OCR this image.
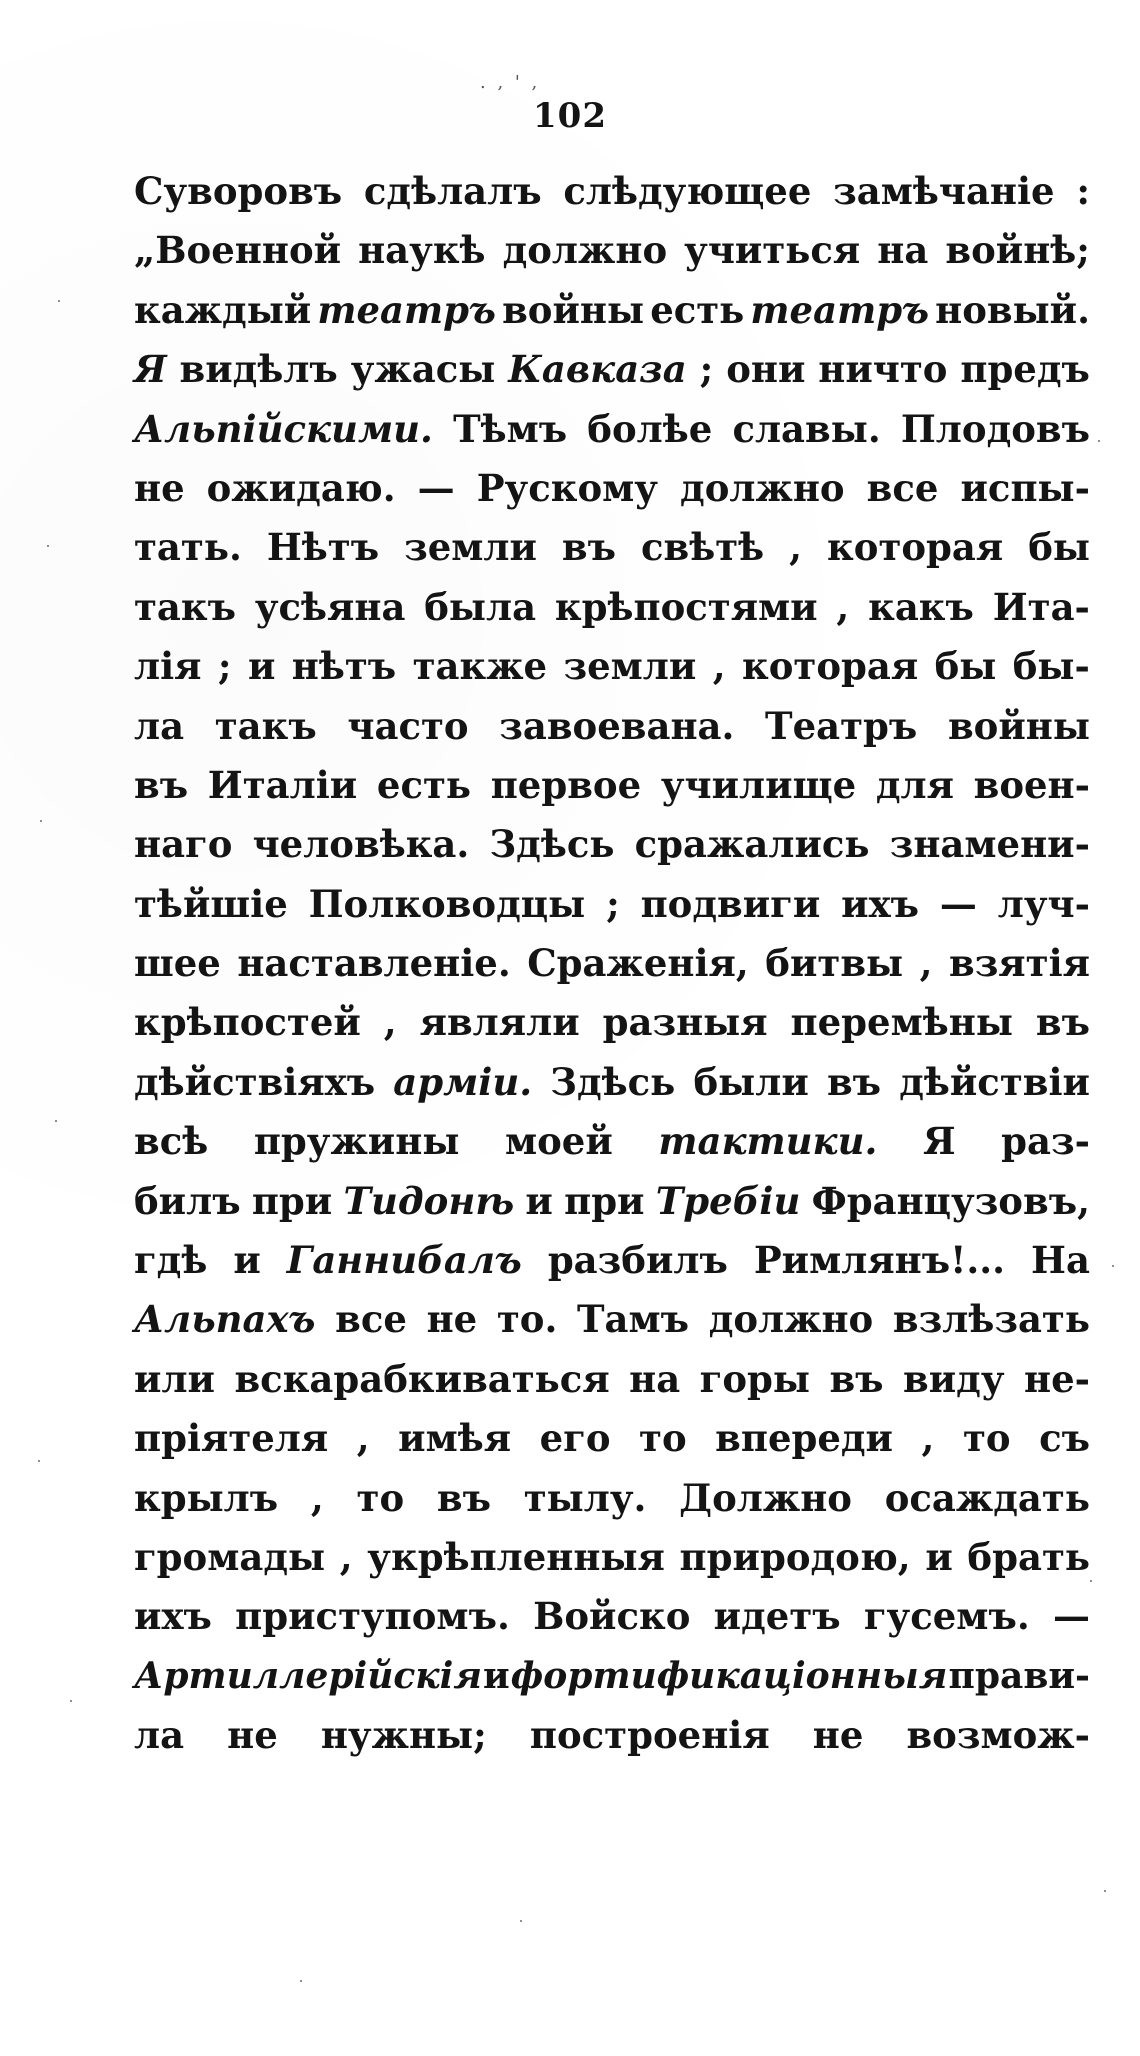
. , ' ,
102
Суворовъ сдѣлалъ слѣдующее замѣчаніе :
„Военной наукѣ должно учиться на войнѣ;
каждый театръ войны есть театръ новый.
Я видѣлъ ужасы Кавказа ; они ничто предъ
Альпійскими. Тѣмъ болѣе славы. Плодовъ
не ожидаю. — Рускому должно все испы-
тать. Нѣтъ земли въ свѣтѣ , которая бы
такъ усѣяна была крѣпостями , какъ Ита-
лія ; и нѣтъ также земли , которая бы бы-
ла такъ часто завоевана. Театръ войны
въ Италіи есть первое училище для воен-
наго человѣка. Здѣсь сражались знамени-
тѣйшіе Полководцы ; подвиги ихъ — луч-
шее наставленіе. Сраженія, битвы , взятія
крѣпостей , являли разныя перемѣны въ
дѣйствіяхъ арміи. Здѣсь были въ дѣйствіи
всѣ пружины моей тактики. Я раз-
билъ при Тидонѣ и при Требіи Французовъ,
гдѣ и Ганнибалъ разбилъ Римлянъ!... На
Альпахъ все не то. Тамъ должно взлѣзать
или вскарабкиваться на горы въ виду не-
пріятеля , имѣя его то впереди , то съ
крылъ , то въ тылу. Должно осаждать
громады , укрѣпленныя природою, и брать
ихъ приступомъ. Войско идетъ гусемъ. —
Артиллерійскія и фортификаціонныя прави-
ла не нужны; построенія не возмож-
